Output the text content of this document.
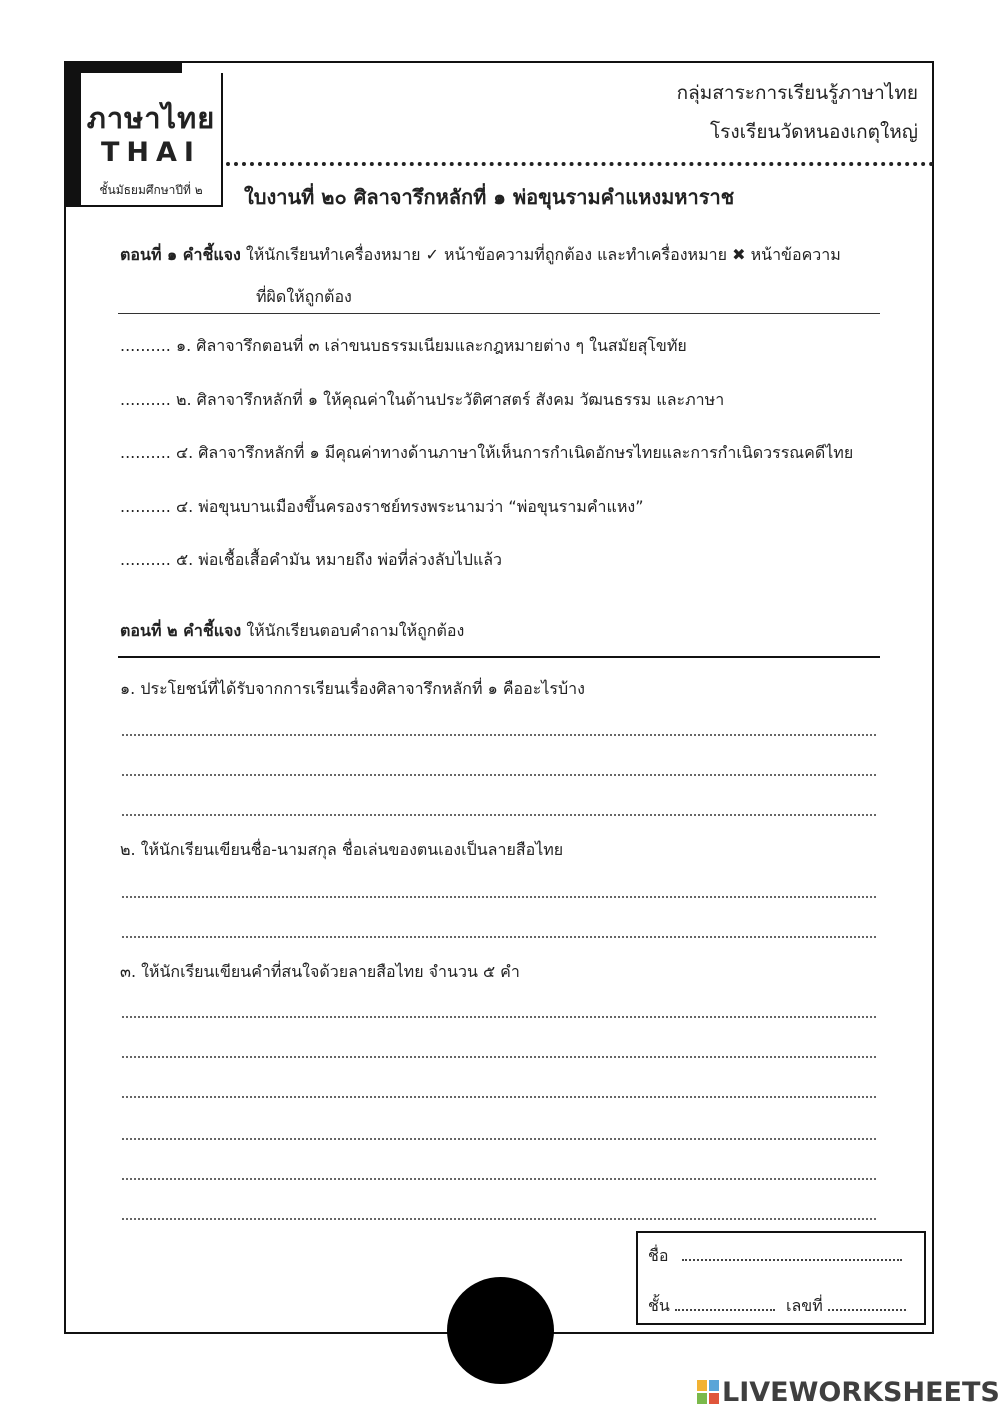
ภาษาไทย
THAI
ชั้นมัธยมศึกษาปีที่ ๒
กลุ่มสาระการเรียนรู้ภาษาไทย
โรงเรียนวัดหนองเกตุใหญ่
ใบงานที่ ๒๐ ศิลาจารึกหลักที่ ๑ พ่อขุนรามคำแหงมหาราช
ตอนที่ ๑ คำชี้แจง ให้นักเรียนทำเครื่องหมาย ✓ หน้าข้อความที่ถูกต้อง และทำเครื่องหมาย ✖ หน้าข้อความ
ที่ผิดให้ถูกต้อง
.......... ๑. ศิลาจารึกตอนที่ ๓ เล่าขนบธรรมเนียมและกฎหมายต่าง ๆ ในสมัยสุโขทัย
.......... ๒. ศิลาจารึกหลักที่ ๑ ให้คุณค่าในด้านประวัติศาสตร์ สังคม วัฒนธรรม และภาษา
.......... ๔. ศิลาจารึกหลักที่ ๑ มีคุณค่าทางด้านภาษาให้เห็นการกำเนิดอักษรไทยและการกำเนิดวรรณคดีไทย
.......... ๔. พ่อขุนบานเมืองขึ้นครองราชย์ทรงพระนามว่า “พ่อขุนรามคำแหง”
.......... ๕. พ่อเชื้อเสื้อคำมัน หมายถึง พ่อที่ล่วงลับไปแล้ว
ตอนที่ ๒ คำชี้แจง ให้นักเรียนตอบคำถามให้ถูกต้อง
๑. ประโยชน์ที่ได้รับจากการเรียนเรื่องศิลาจารึกหลักที่ ๑ คืออะไรบ้าง
๒. ให้นักเรียนเขียนชื่อ-นามสกุล ชื่อเล่นของตนเองเป็นลายสือไทย
๓. ให้นักเรียนเขียนคำที่สนใจด้วยลายสือไทย จำนวน ๕ คำ
ชื่อ
ชั้น	เลขที่
LIVEWORKSHEETS
